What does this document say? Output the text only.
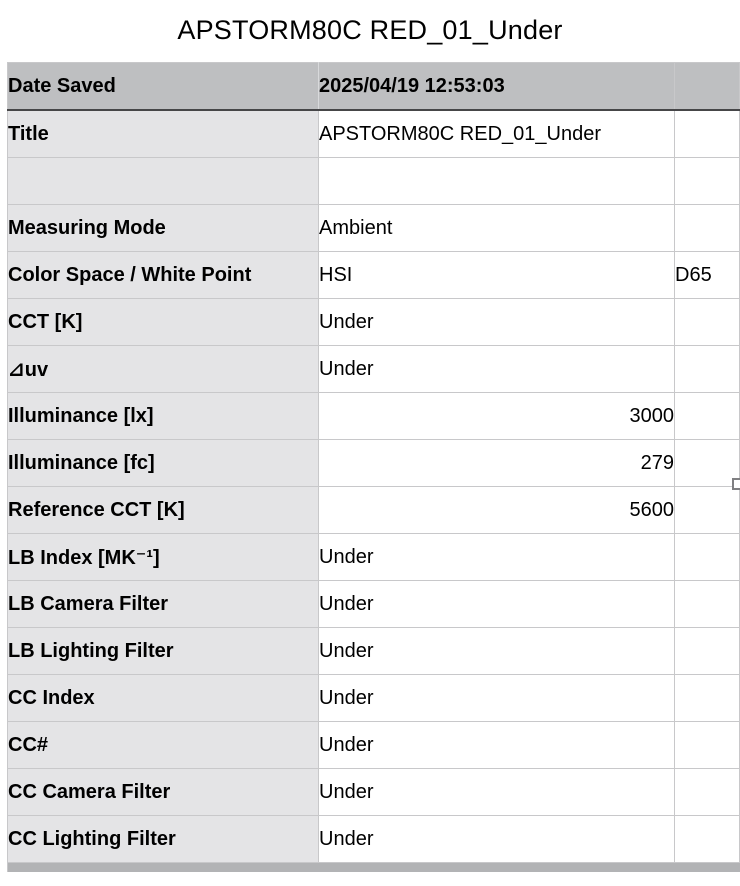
APSTORM80C RED_01_Under
Date Saved	2025/04/19 12:53:03	
Title	APSTORM80C RED_01_Under	

Measuring Mode	Ambient	
Color Space / White Point	HSI	D65
CCT [K]	Under	
⊿uv	Under	
Illuminance [lx]	3000	
Illuminance [fc]	279	
Reference CCT [K]	5600	
LB Index [MK⁻¹]	Under	
LB Camera Filter	Under	
LB Lighting Filter	Under	
CC Index	Under	
CC#	Under	
CC Camera Filter	Under	
CC Lighting Filter	Under	
